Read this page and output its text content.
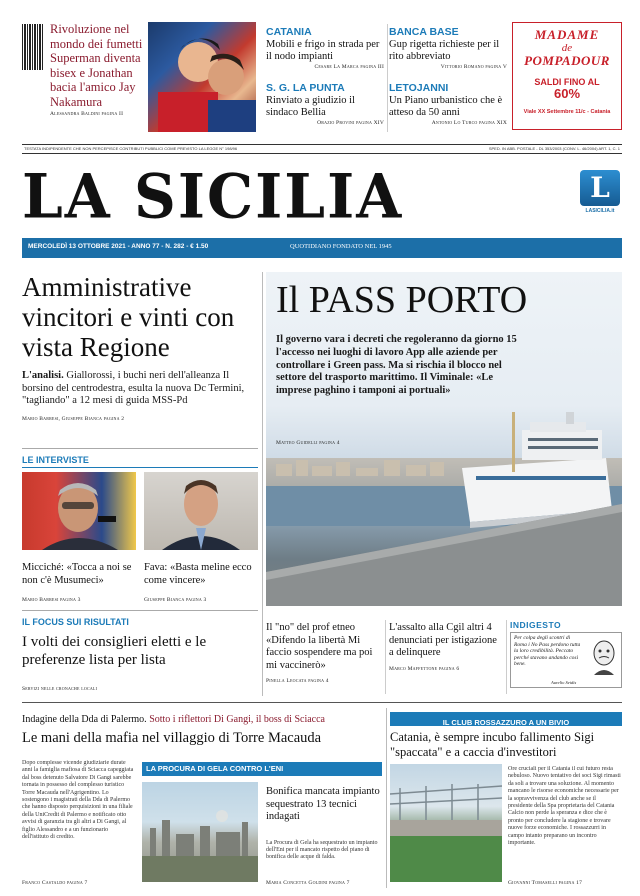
Rivoluzione nel mondo dei fumetti Superman diventa bisex e Jonathan bacia l'amico Jay Nakamura
Alessandra Baldini pagina II
CATANIA
Mobili e frigo in strada per il nodo impianti
Cesare La Marca pagina III
S. G. LA PUNTA
Rinviato a giudizio il sindaco Bellia
Orazio Provini pagina XIV
BANCA BASE
Gup rigetta richieste per il rito abbreviato
Vittorio Romano pagina V
LETOJANNI
Un Piano urbanistico che è atteso da 50 anni
Antonio Lo Turco pagina XIX
MADAME
de
POMPADOUR
SALDI FINO AL
60%
Viale XX Settembre 11/c - Catania
TESTATA INDIPENDENTE CHE NON PERCEPISCE CONTRIBUTI PUBBLICI COME PREVISTO LA LEGGE N° 198/96	SPED. IN ABB. POSTALE - DL 353/2003 (CONV. L. 46/2004) ART. 1, C. 1
LA SICILIA	L
LASICILIA.it
MERCOLEDÌ 13 OTTOBRE 2021 - ANNO 77 - N. 282 - € 1.50	QUOTIDIANO FONDATO NEL 1945
Amministrative vincitori e vinti con vista Regione
L'analisi. Giallorossi, i buchi neri dell'alleanza Il borsino del centrodestra, esulta la nuova Dc Termini, "tagliando" a 12 mesi di guida MSS-Pd
Mario Barresi, Giuseppe Bianca pagina 2
LE INTERVISTE
Micciché: «Tocca a noi se non c'è Musumeci»
Mario Barresi pagina 3
Fava: «Basta meline ecco come vincere»
Giuseppe Bianca pagina 3
IL FOCUS SUI RISULTATI
I volti dei consiglieri eletti e le preferenze lista per lista
Servizi nelle cronache locali
Il PASS PORTO
Il governo vara i decreti che regoleranno da giorno 15 l'accesso nei luoghi di lavoro App alle aziende per controllare i Green pass. Ma si rischia il blocco nel settore del trasporto marittimo. Il Viminale: «Le imprese paghino i tamponi ai portuali»
Matteo Guidelli pagina 4
Il "no" del prof etneo «Difendo la libertà Mi faccio sospendere ma poi mi vaccinerò»
Pinella Leocata pagina 4
L'assalto alla Cgil altri 4 denunciati per istigazione a delinquere
Marco Maffettone pagina 6
INDIGESTO
Per colpa degli scontri di Roma i No Pass perdono tutta la loro credibilità. Peccato perché stavano andando così bene.
Aurelio Seidis
Indagine della Dda di Palermo. Sotto i riflettori Di Gangi, il boss di Sciacca
Le mani della mafia nel villaggio di Torre Macauda
Dopo complesse vicende giudiziarie durate anni la famiglia mafiosa di Sciacca capeggiata dal boss detenuto Salvatore Di Gangi sarebbe tornata in possesso del complesso turistico Torre Macauda nell'Agrigentino. Lo sostengono i magistrati della Dda di Palermo che hanno disposto perquisizioni in una filiale della UniCredit di Palermo e notificato otto avvisi di garanzia tra gli altri a Di Gangi, al figlio Alessandro e a un funzionario dell'istituto di credito.
Franco Castaldo pagina 7
LA PROCURA DI GELA CONTRO L'ENI
Bonifica mancata impianto sequestrato 13 tecnici indagati
La Procura di Gela ha sequestrato un impianto dell'Eni per il mancato rispetto del piano di bonifica delle acque di falda.
Maria Concetta Goldini pagina 7
IL CLUB ROSSAZZURO A UN BIVIO
Catania, è sempre incubo fallimento Sigi "spaccata" e a caccia d'investitori
Ore cruciali per il Catania il cui futuro resta nebuloso. Nuovo tentativo dei soci Sigi rimasti da soli a trovare una soluzione. Al momento mancano le risorse economiche necessarie per la sopravvivenza del club anche se il presidente della Spa proprietaria del Catania Calcio non perde la speranza e dice che è pronto per concludere la stagione e trovare nuove forze economiche. I rossazzurri in campo intanto preparano un incontro importante.
Giovanni Tomaselli pagina 17
